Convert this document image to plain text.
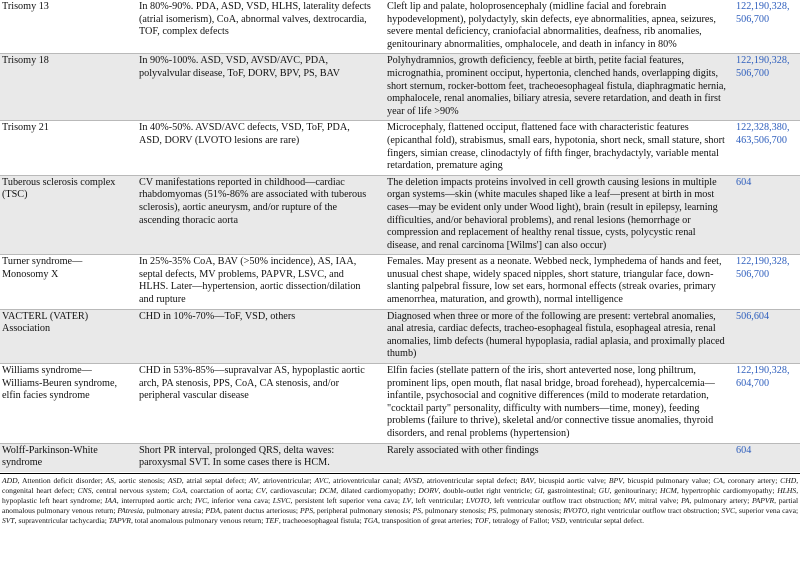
Trisomy 13	In 80%-90%. PDA, ASD, VSD, HLHS, laterality defects (atrial isomerism), CoA, abnormal valves, dextrocardia, TOF, complex defects	Cleft lip and palate, holoprosencephaly (midline facial and forebrain hypodevelopment), polydactyly, skin defects, eye abnormalities, apnea, seizures, severe mental deficiency, craniofacial abnormalities, deafness, rib anomalies, genitourinary abnormalities, omphalocele, and death in infancy in 80%	122,190,328, 506,700
Trisomy 18	In 90%-100%. ASD, VSD, AVSD/AVC, PDA, polyvalvular disease, ToF, DORV, BPV, PS, BAV	Polyhydramnios, growth deficiency, feeble at birth, petite facial features, micrognathia, prominent occiput, hypertonia, clenched hands, overlapping digits, short sternum, rocker-bottom feet, tracheoesophageal fistula, diaphragmatic hernia, omphalocele, renal anomalies, biliary atresia, severe retardation, and death in first year of life >90%	122,190,328, 506,700
Trisomy 21	In 40%-50%. AVSD/AVC defects, VSD, ToF, PDA, ASD, DORV (LVOTO lesions are rare)	Microcephaly, flattened occiput, flattened face with characteristic features (epicanthal fold), strabismus, small ears, hypotonia, short neck, small stature, short fingers, simian crease, clinodactyly of fifth finger, brachydactyly, variable mental retardation, premature aging	122,328,380, 463,506,700
Tuberous sclerosis complex (TSC)	CV manifestations reported in childhood—cardiac rhabdomyomas (51%-86% are associated with tuberous sclerosis), aortic aneurysm, and/or rupture of the ascending thoracic aorta	The deletion impacts proteins involved in cell growth causing lesions in multiple organ systems—skin (white macules shaped like a leaf—present at birth in most cases—may be evident only under Wood light), brain (result in epilepsy, learning difficulties, and/or behavioral problems), and renal lesions (hemorrhage or compression and replacement of healthy renal tissue, cysts, polycystic renal disease, and renal carcinoma [Wilms'] can also occur)	604
Turner syndrome—Monosomy X	In 25%-35% CoA, BAV (>50% incidence), AS, IAA, septal defects, MV problems, PAPVR, LSVC, and HLHS. Later—hypertension, aortic dissection/dilation and rupture	Females. May present as a neonate. Webbed neck, lymphedema of hands and feet, unusual chest shape, widely spaced nipples, short stature, triangular face, down-slanting palpebral fissure, low set ears, hormonal effects (streak ovaries, primary amenorrhea, maturation, and growth), normal intelligence	122,190,328, 506,700
VACTERL (VATER) Association	CHD in 10%-70%—ToF, VSD, others	Diagnosed when three or more of the following are present: vertebral anomalies, anal atresia, cardiac defects, tracheo-esophageal fistula, esophageal atresia, renal anomalies, limb defects (humeral hypoplasia, radial aplasia, and proximally placed thumb)	506,604
Williams syndrome—Williams-Beuren syndrome, elfin facies syndrome	CHD in 53%-85%—supravalvar AS, hypoplastic aortic arch, PA stenosis, PPS, CoA, CA stenosis, and/or peripheral vascular disease	Elfin facies (stellate pattern of the iris, short anteverted nose, long philtrum, prominent lips, open mouth, flat nasal bridge, broad forehead), hypercalcemia—infantile, psychosocial and cognitive differences (mild to moderate retardation, "cocktail party" personality, difficulty with numbers—time, money), feeding problems (failure to thrive), skeletal and/or connective tissue anomalies, thyroid disorders, and renal problems (hypertension)	122,190,328, 604,700
Wolff-Parkinson-White syndrome	Short PR interval, prolonged QRS, delta waves: paroxysmal SVT. In some cases there is HCM.	Rarely associated with other findings	604
ADD, Attention deficit disorder; AS, aortic stenosis; ASD, atrial septal defect; AV, atrioventricular; AVC, atrioventricular canal; AVSD, atrioventricular septal defect; BAV, bicuspid aortic valve; BPV, bicuspid pulmonary value; CA, coronary artery; CHD, congenital heart defect; CNS, central nervous system; CoA, coarctation of aorta; CV, cardiovascular; DCM, dilated cardiomyopathy; DORV, double-outlet right ventricle; GI, gastrointestinal; GU, genitourinary; HCM, hypertrophic cardiomyopathy; HLHS, hypoplastic left heart syndrome; IAA, interrupted aortic arch; IVC, inferior vena cava; LSVC, persistent left superior vena cava; LV, left ventricular; LVOTO, left ventricular outflow tract obstruction; MV, mitral valve; PA, pulmonary artery; PAPVR, partial anomalous pulmonary venous return; PAtresia, pulmonary atresia; PDA, patent ductus arteriosus; PPS, peripheral pulmonary stenosis; PS, pulmonary stenosis; PS, pulmonary stenosis; RVOTO, right ventricular outflow tract obstruction; SVC, superior vena cava; SVT, supraventricular tachycardia; TAPVR, total anomalous pulmonary venous return; TEF, tracheoesophageal fistula; TGA, transposition of great arteries; TOF, tetralogy of Fallot; VSD, ventricular septal defect.
